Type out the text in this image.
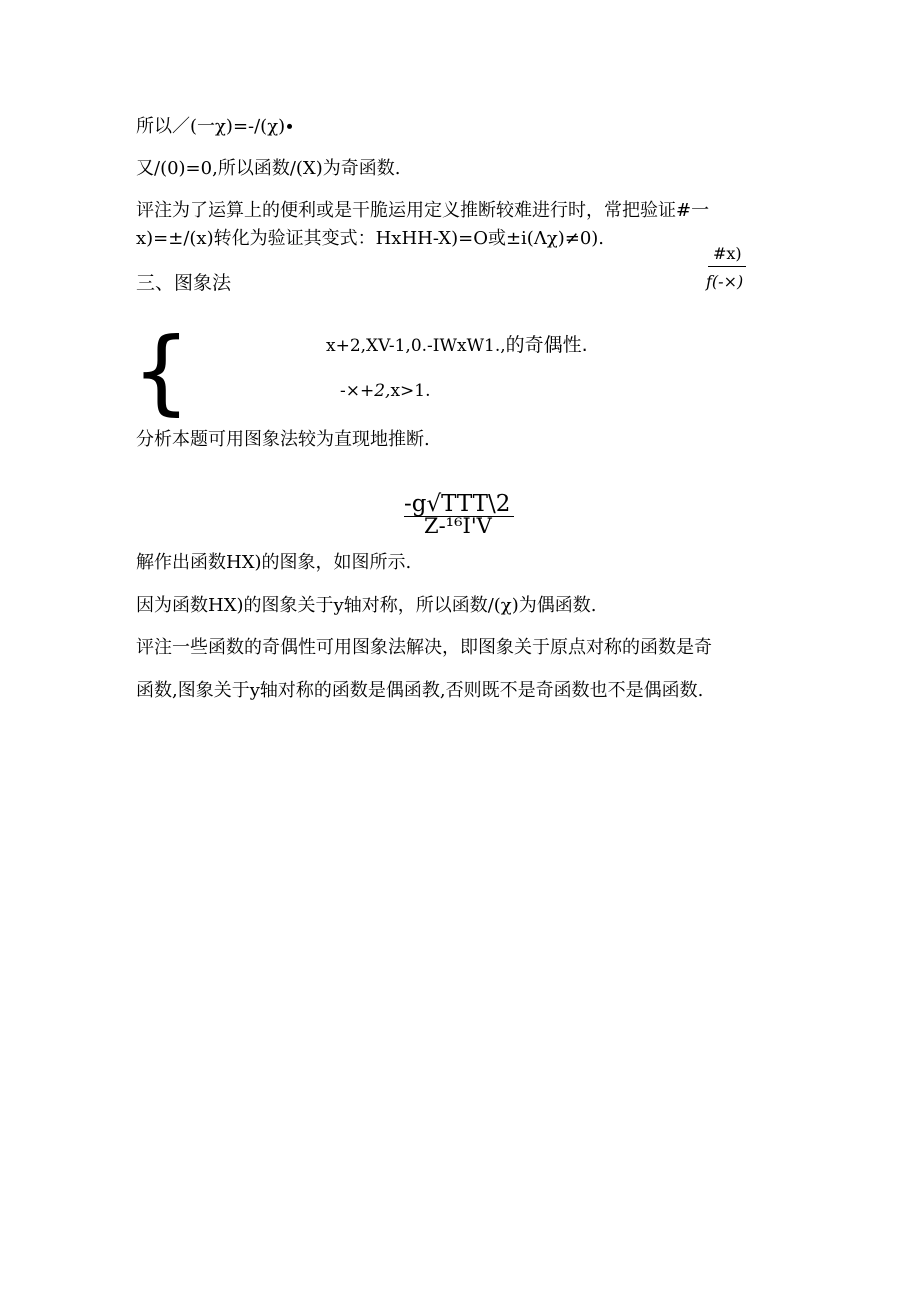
所以／(一χ)=-∕(χ)∙
又/(0)=0,所以函数/(X)为奇函数.
评注为了运算上的便利或是干脆运用定义推断较难进行时，常把验证#一
x)=±∕(x)转化为验证其变式：HxHH-X)=O或±i(Λχ)≠0).
#x)
f(-×)
三、图象法
{	x+2,XV-1,0.-IWxW1.,的奇偶性.
-×+2,x>1.
分析本题可用图象法较为直现地推断.
-g√TTT\2
Z-¹⁶I'V
解作出函数HX)的图象，如图所示.
因为函数HX)的图象关于y轴对称，所以函数/(χ)为偶函数.
评注一些函数的奇偶性可用图象法解决，即图象关于原点对称的函数是奇
函数,图象关于y轴对称的函数是偶函教,否则既不是奇函数也不是偶函数.
